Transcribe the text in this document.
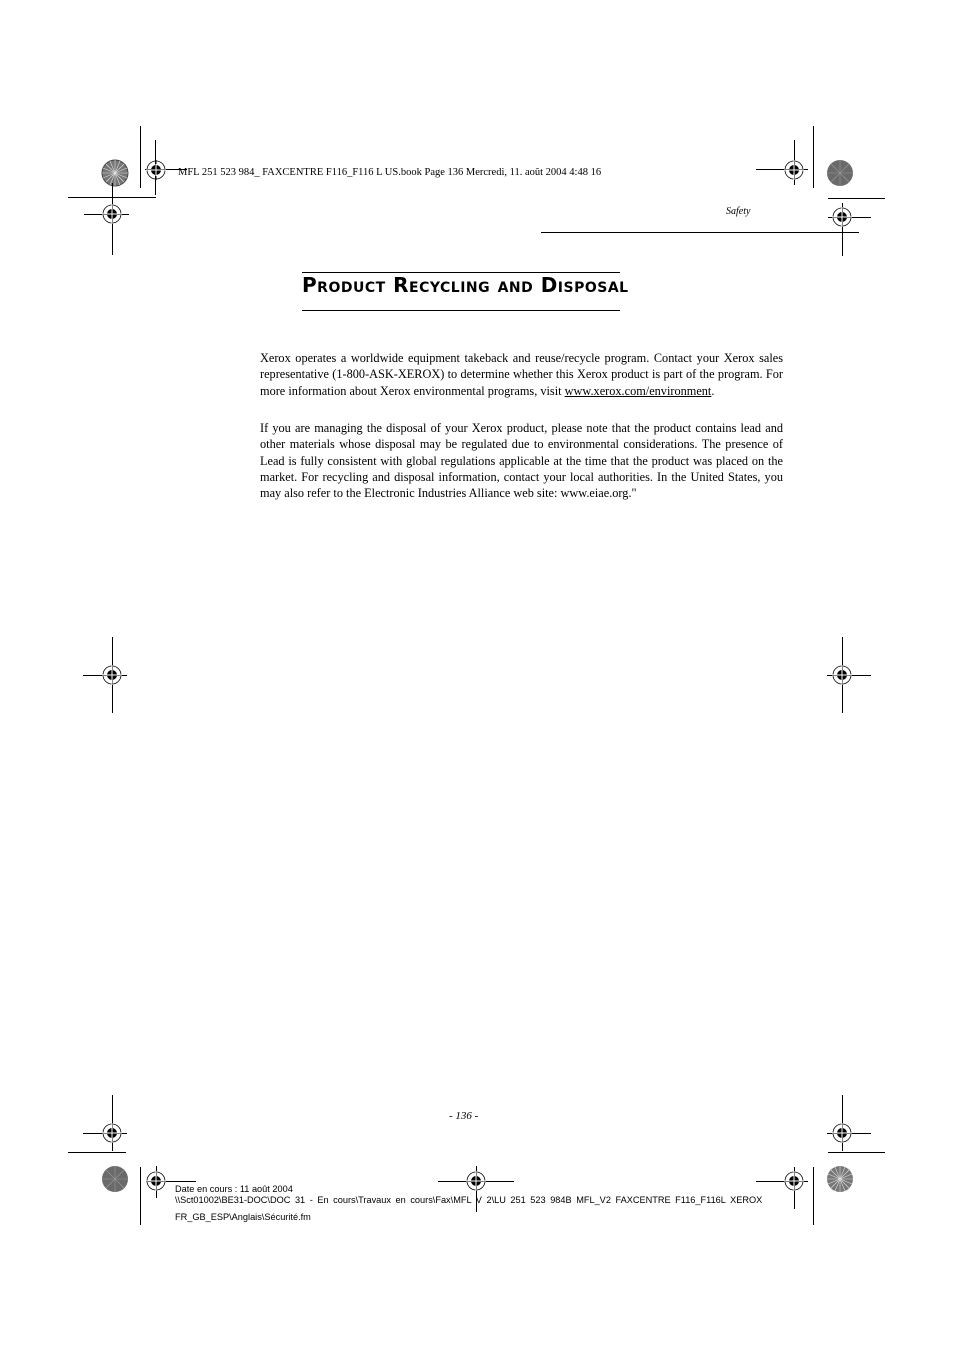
MFL 251 523 984_ FAXCENTRE F116_F116 L US.book Page 136 Mercredi, 11. août 2004 4:48 16
Safety
Product Recycling and Disposal
Xerox operates a worldwide equipment takeback and reuse/recycle program. Contact your Xerox sales representative (1-800-ASK-XEROX) to determine whether this Xerox product is part of the program. For more information about Xerox environmental programs, visit www.xerox.com/environment.
If you are managing the disposal of your Xerox product, please note that the product contains lead and other materials whose disposal may be regulated due to environmental considerations. The presence of Lead is fully consistent with global regulations applicable at the time that the product was placed on the market. For recycling and disposal information, contact your local authorities. In the United States, you may also refer to the Electronic Industries Alliance web site: www.eiae.org."
- 136 -
Date en cours : 11 août 2004
\\Sct01002\BE31-DOC\DOC 31 - En cours\Travaux en cours\Fax\MFL V 2\LU 251 523 984B MFL_V2 FAXCENTRE F116_F116L XEROX
FR_GB_ESP\Anglais\Sécurité.fm
